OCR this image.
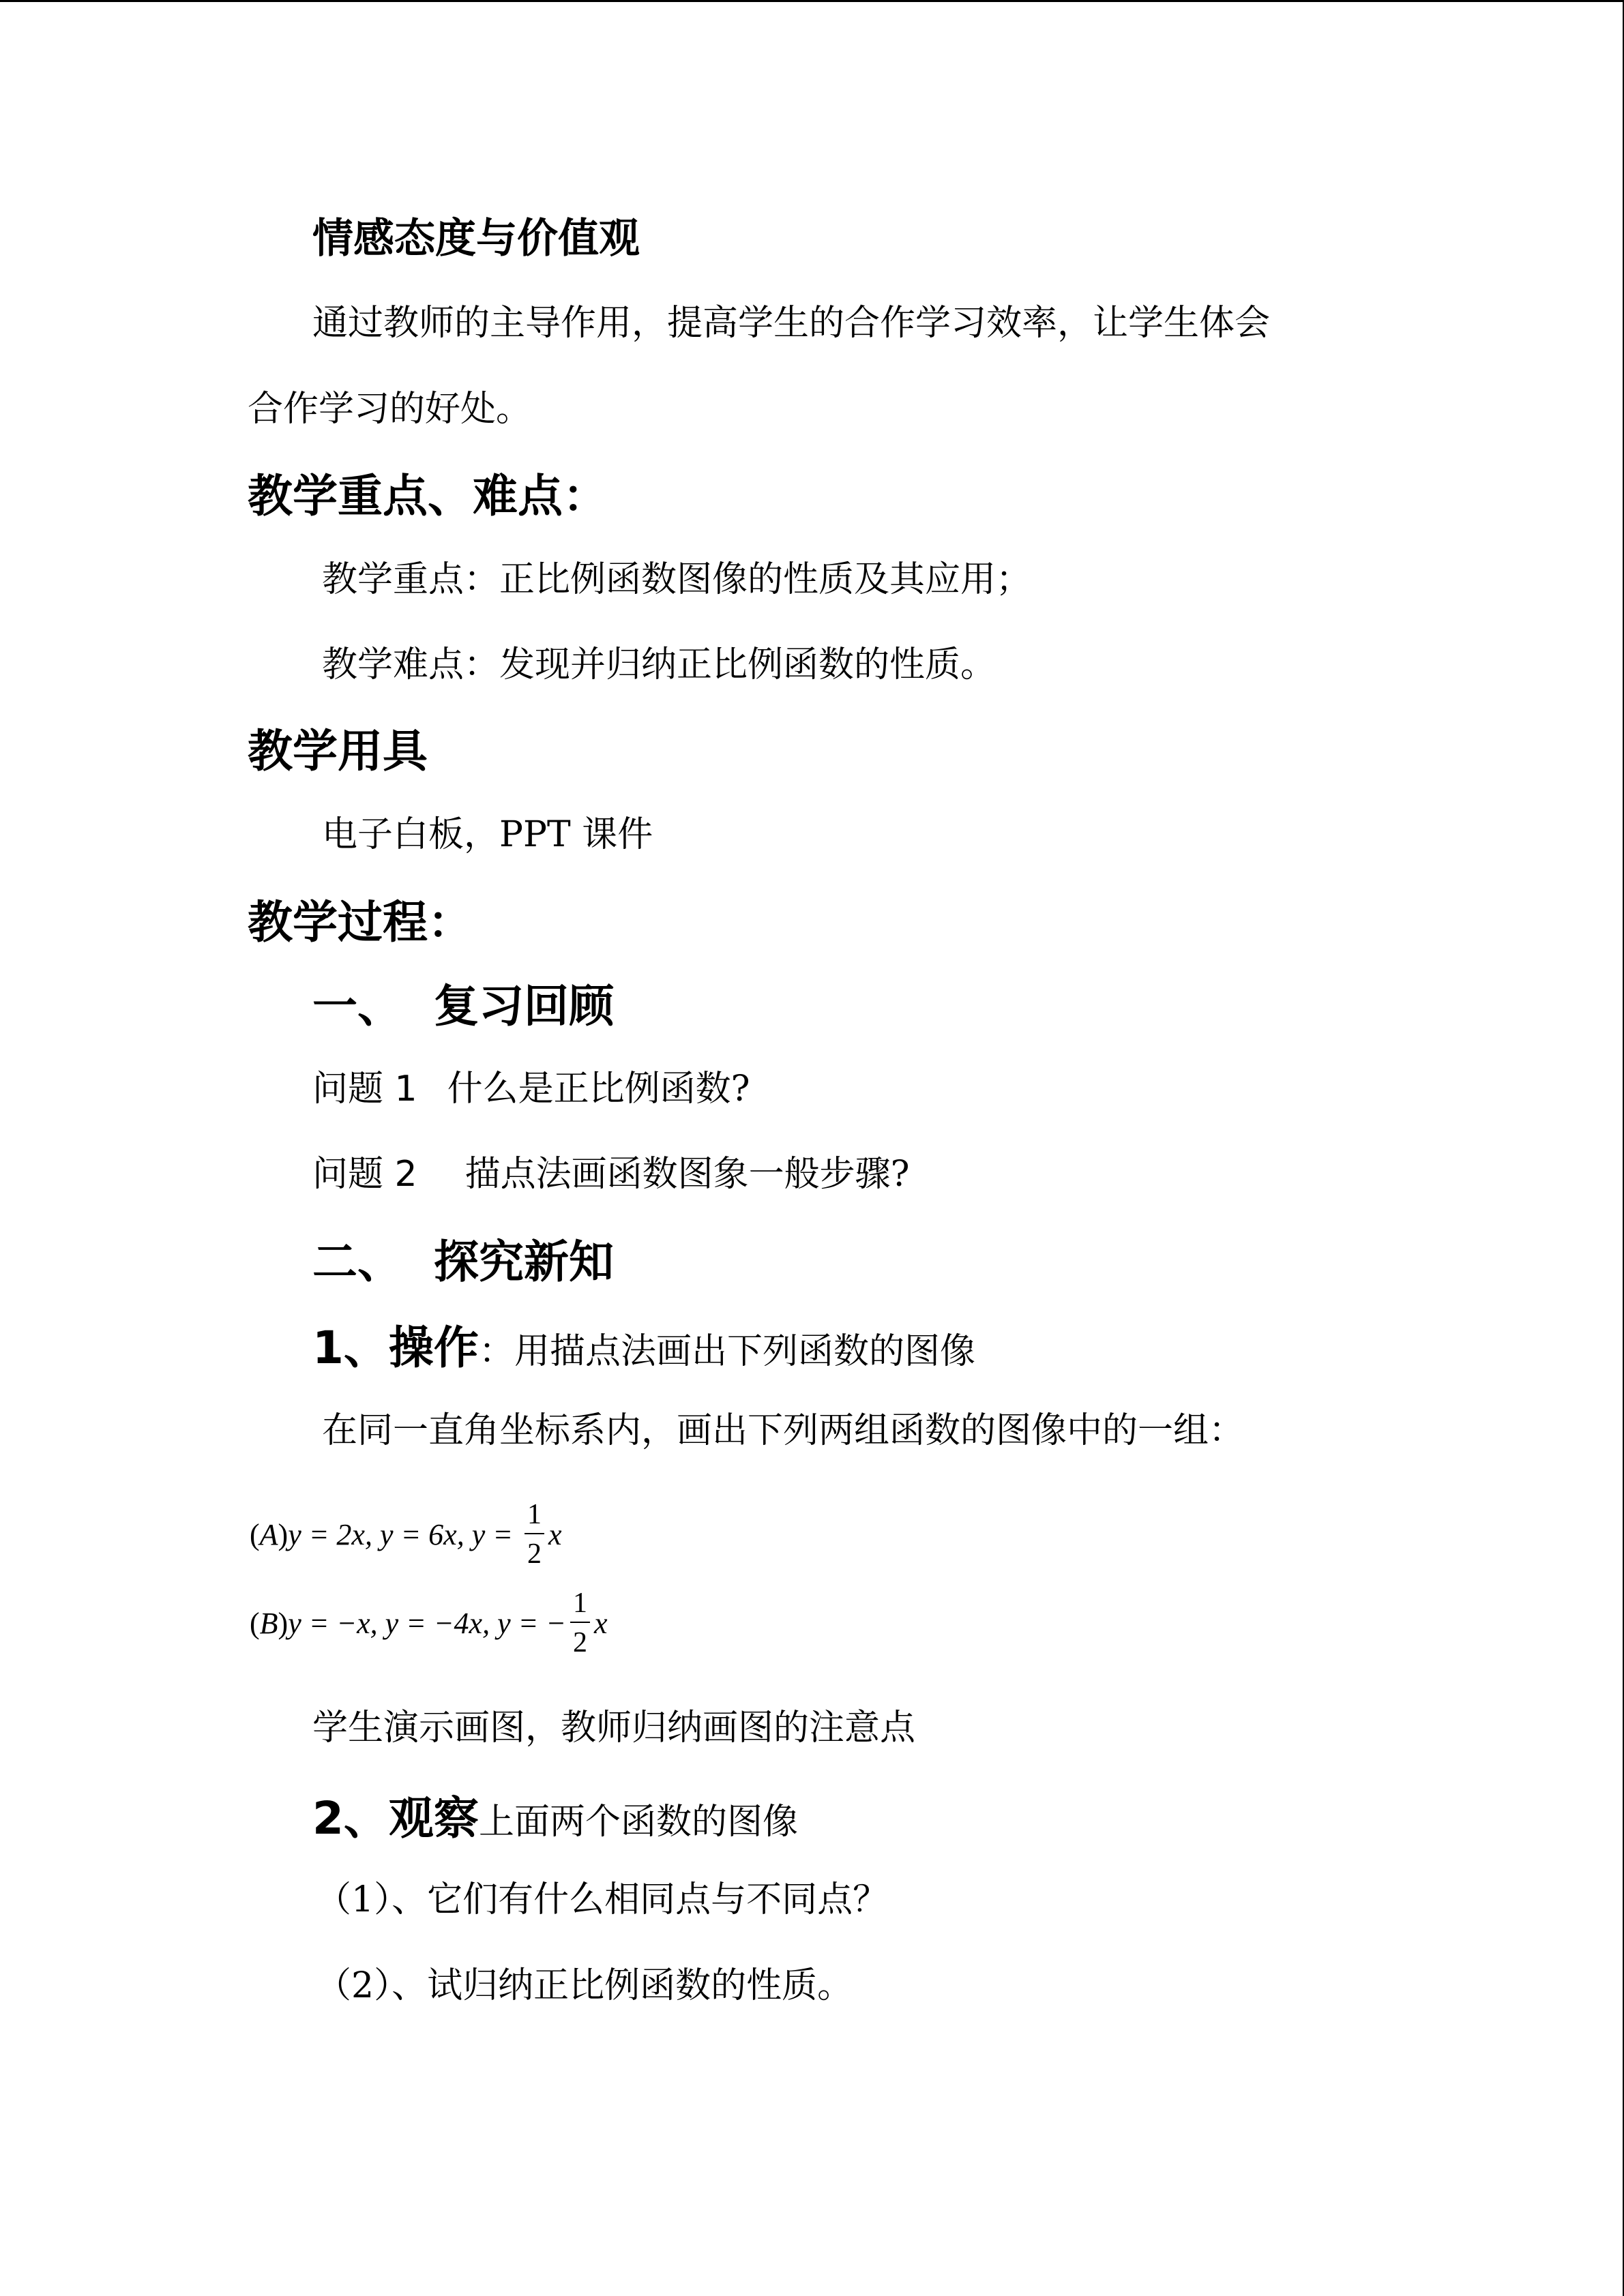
情感态度与价值观
通过教师的主导作用，提高学生的合作学习效率，让学生体会
合作学习的好处。
教学重点、难点：
教学重点：正比例函数图像的性质及其应用；
教学难点：发现并归纳正比例函数的性质。
教学用具
电子白板，PPT 课件
教学过程：
一、 复习回顾
问题 1 什么是正比例函数?
问题 2 描点法画函数图象一般步骤?
二、 探究新知
1、操作：用描点法画出下列函数的图像
在同一直角坐标系内，画出下列两组函数的图像中的一组：
( A ) y = 2x, y = 6x, $y = \frac{1}{2}$ x
( B ) y = −x, y = −4x, y = − $\frac{1}{2}$ x
学生演示画图，教师归纳画图的注意点
2、观察上面两个函数的图像
（1）、它们有什么相同点与不同点？
（2）、试归纳正比例函数的性质。
